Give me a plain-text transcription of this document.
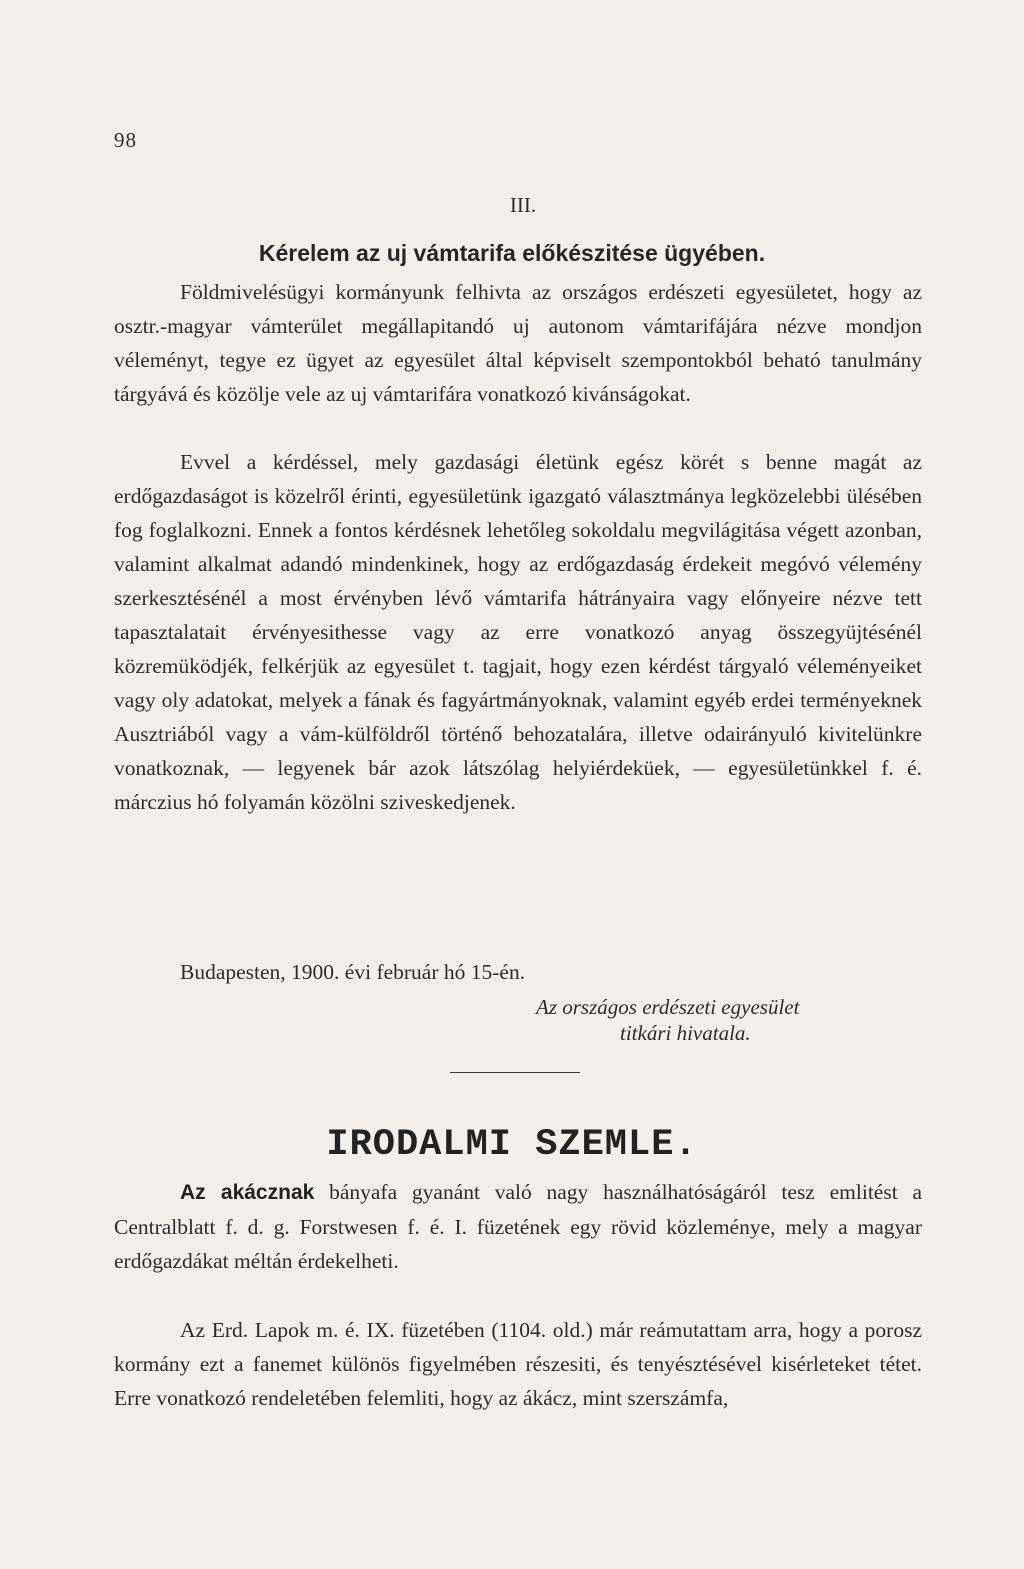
98
III.
Kérelem az uj vámtarifa előkészitése ügyében.

Földmivelésügyi kormányunk felhivta az országos erdészeti egyesületet, hogy az osztr.-magyar vámterület megállapitandó uj autonom vámtarifájára nézve mondjon véleményt, tegye ez ügyet az egyesület által képviselt szempontokból beható tanulmány tárgyává és közölje vele az uj vámtarifára vonatkozó kivánságokat.

Evvel a kérdéssel, mely gazdasági életünk egész körét s benne magát az erdőgazdaságot is közelről érinti, egyesületünk igazgató választmánya legközelebbi ülésében fog foglalkozni. Ennek a fontos kérdésnek lehetőleg sokoldalu megvilágitása végett azonban, valamint alkalmat adandó mindenkinek, hogy az erdőgazdaság érdekeit megóvó vélemény szerkesztésénél a most érvényben lévő vámtarifa hátrányaira vagy előnyeire nézve tett tapasztalatait érvényesithesse vagy az erre vonatkozó anyag összegyüjtésénél közremüködjék, felkérjük az egyesület t. tagjait, hogy ezen kérdést tárgyaló véleményeiket vagy oly adatokat, melyek a fának és fagyártmányoknak, valamint egyéb erdei terményeknek Ausztriából vagy a vám-külföldről történő behozatalára, illetve odairányuló kivitelünkre vonatkoznak, — legyenek bár azok látszólag helyiérdeküek, — egyesületünkkel f. é. márczius hó folyamán közölni sziveskedjenek.

Budapesten, 1900. évi február hó 15-én.

Az országos erdészeti egyesület
titkári hivatala.
IRODALMI SZEMLE.

Az akácznak bányafa gyanánt való nagy használhatóságáról tesz emlitést a Centralblatt f. d. g. Forstwesen f. é. I. füzetének egy rövid közleménye, mely a magyar erdőgazdákat méltán érdekelheti.

Az Erd. Lapok m. é. IX. füzetében (1104. old.) már reámutattam arra, hogy a porosz kormány ezt a fanemet különös figyelmében részesiti, és tenyésztésével kisérleteket tétet. Erre vonatkozó rendeletében felemliti, hogy az ákácz, mint szerszámfa,
